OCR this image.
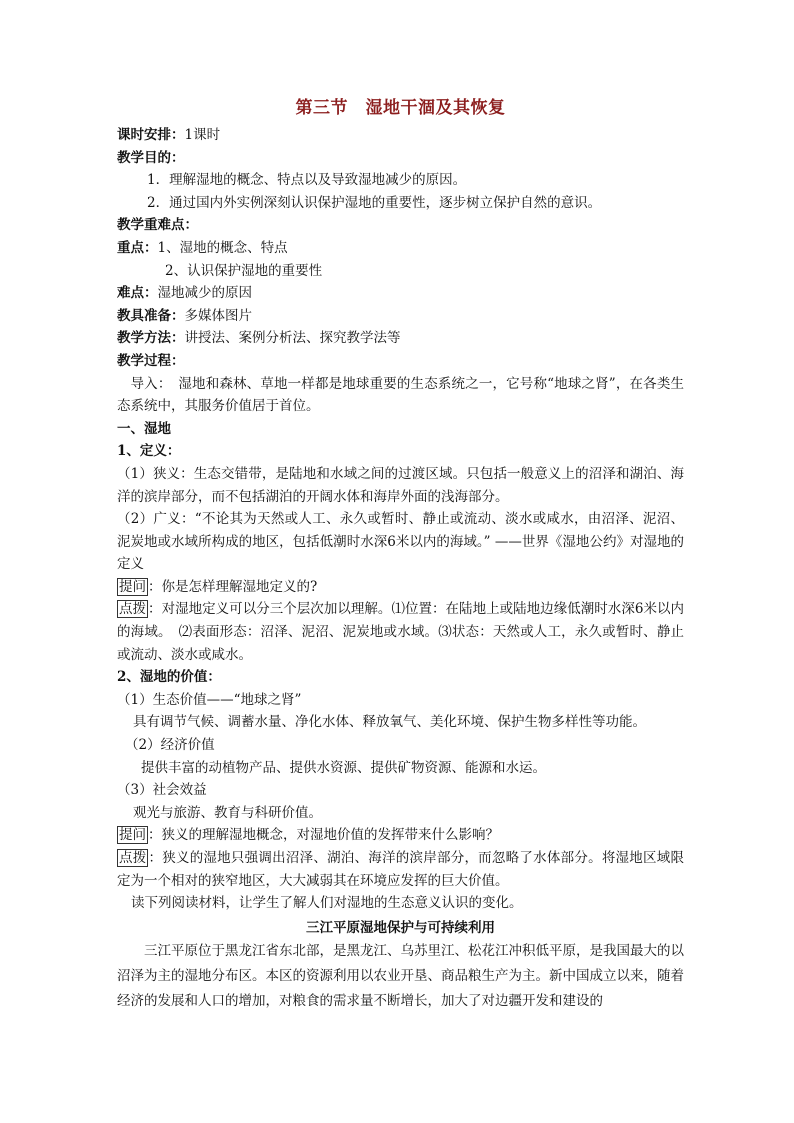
第三节　湿地干涸及其恢复

课时安排：1课时

教学目的：

1．理解湿地的概念、特点以及导致湿地减少的原因。

2．通过国内外实例深刻认识保护湿地的重要性，逐步树立保护自然的意识。

教学重难点：

重点：1、湿地的概念、特点

2、认识保护湿地的重要性

难点：湿地减少的原因

教具准备：多媒体图片

教学方法：讲授法、案例分析法、探究教学法等

教学过程：

导入：　湿地和森林、草地一样都是地球重要的生态系统之一，它号称“地球之肾”，在各类生态系统中，其服务价值居于首位。

一、湿地

1、定义：

（1）狭义：生态交错带，是陆地和水域之间的过渡区域。只包括一般意义上的沼泽和湖泊、海洋的滨岸部分，而不包括湖泊的开阔水体和海岸外面的浅海部分。

（2）广义：“不论其为天然或人工、永久或暂时、静止或流动、淡水或咸水，由沼泽、泥沼、泥炭地或水域所构成的地区，包括低潮时水深6米以内的海域。” ——世界《湿地公约》对湿地的定义

提问 ：你是怎样理解湿地定义的?

点拨 ：对湿地定义可以分三个层次加以理解。⑴位置：在陆地上或陆地边缘低潮时水深6米以内的海域。　⑵表面形态：沼泽、泥沼、泥炭地或水域。⑶状态：天然或人工，永久或暂时、静止或流动、淡水或咸水。

2、湿地的价值：

（1）生态价值——“地球之肾”

具有调节气候、调蓄水量、净化水体、释放氧气、美化环境、保护生物多样性等功能。

（2）经济价值

提供丰富的动植物产品、提供水资源、提供矿物资源、能源和水运。

（3）社会效益

观光与旅游、教育与科研价值。

提问 ：狭义的理解湿地概念，对湿地价值的发挥带来什么影响？

点拨 ：狭义的湿地只强调出沼泽、湖泊、海洋的滨岸部分，而忽略了水体部分。将湿地区域限定为一个相对的狭窄地区，大大减弱其在环境应发挥的巨大价值。

读下列阅读材料，让学生了解人们对湿地的生态意义认识的变化。

三江平原湿地保护与可持续利用

三江平原位于黑龙江省东北部，是黑龙江、乌苏里江、松花江冲积低平原，是我国最大的以沼泽为主的湿地分布区。本区的资源利用以农业开垦、商品粮生产为主。新中国成立以来，随着经济的发展和人口的增加，对粮食的需求量不断增长，加大了对边疆开发和建设的
